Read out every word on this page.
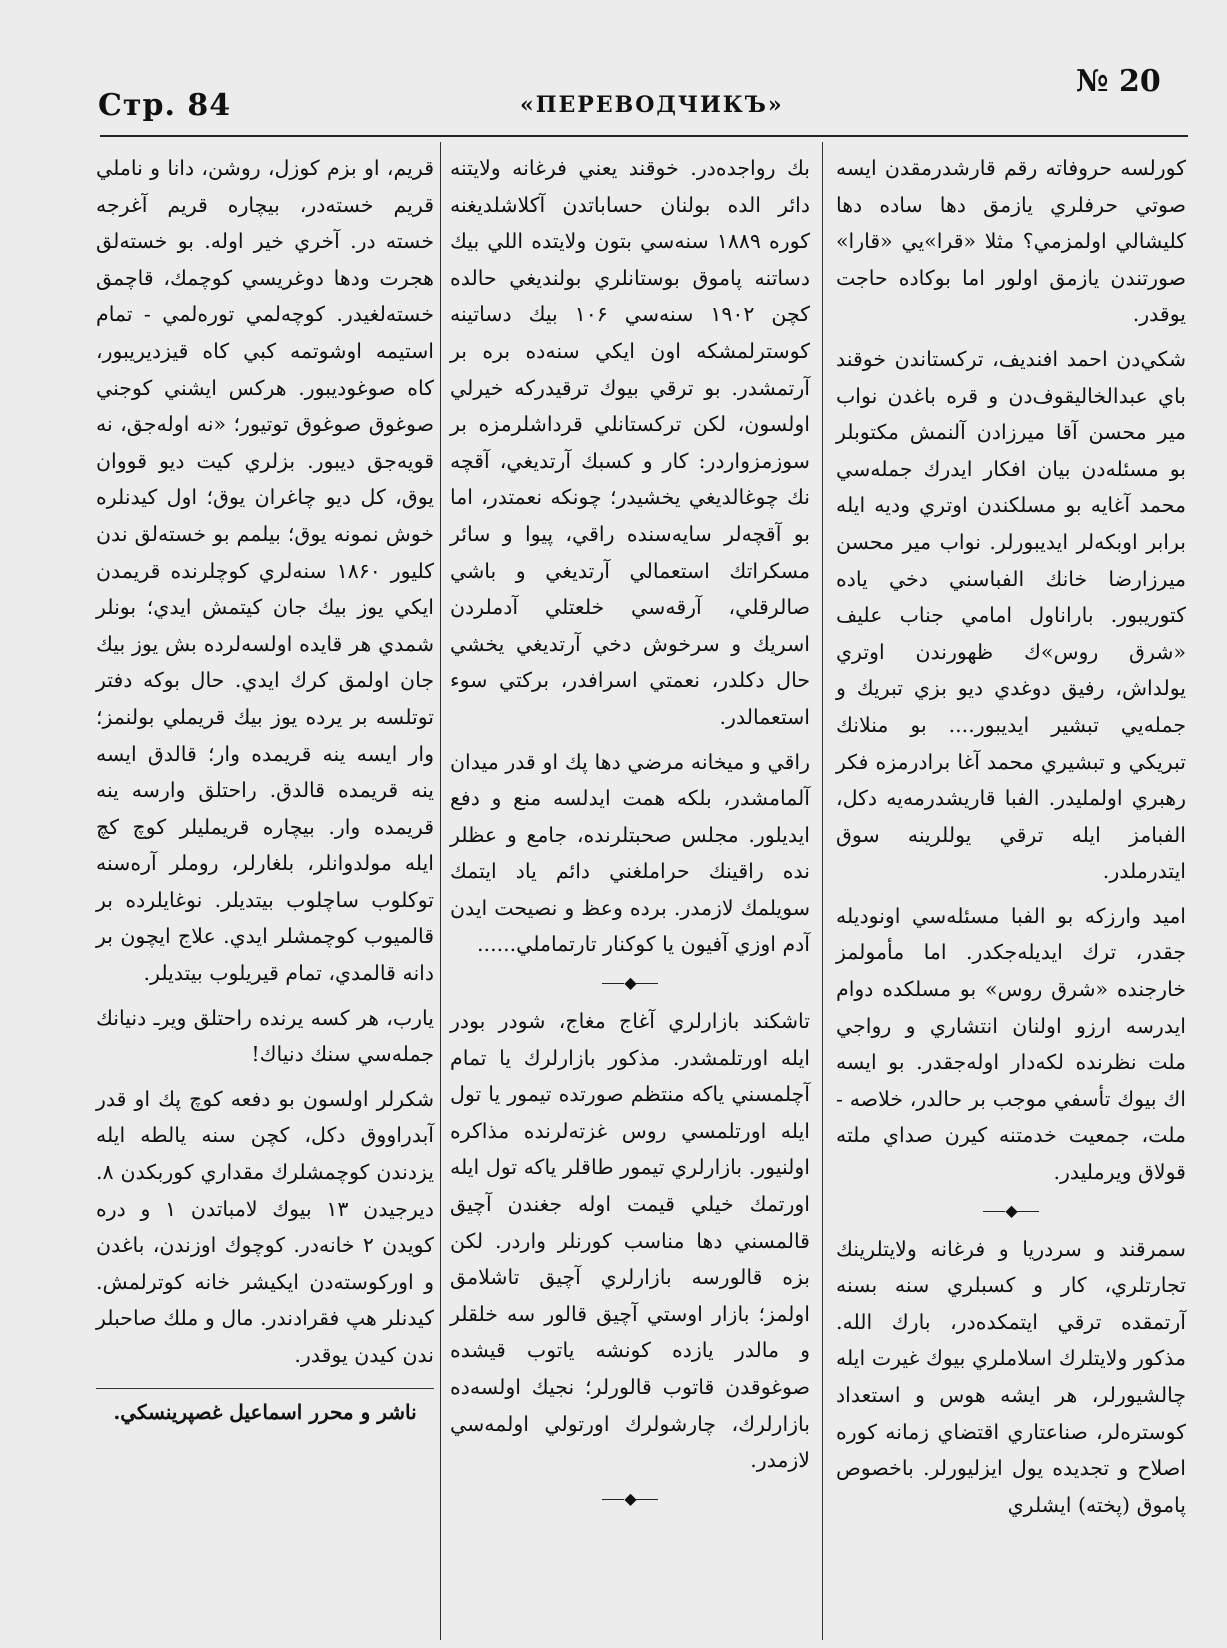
Стр. 84	«ПЕРЕВОДЧИКЪ»
№ 20

كورلسه حروفاته رقم قارشدرمقدن ايسه صوتي حرفلري يازمق دها ساده دها كليشالي اولمزمي؟ مثلا «قرا»يي «قارا» صورتندن يازمق اولور اما بوكاده حاجت يوقدر.

شكي‌دن احمد افنديف، تركستاندن خوقند باي عبدالخاليقوف‌دن و قره باغدن نواب مير محسن آقا ميرزادن آلنمش مكتوبلر بو مسئله‌دن بيان افكار ايدرك جمله‌سي محمد آغايه بو مسلكندن اوتري وديه ايله برابر اوبكه‌لر ايديبورلر. نواب مير محسن ميرزارضا خانك الفباسني دخي ياده كتوريبور. باراناول امامي جناب عليف «شرق روس»ك ظهورندن اوتري يولداش، رفيق دوغدي ديو بزي تبريك و جمله‌يي تبشير ايديبور.... بو منلانك تبريكي و تبشيري محمد آغا برادرمزه فكر رهبري اولمليدر. الفبا قاريشدرمه‌يه دكل، الفبامز ايله ترقي يوللرينه سوق ايتدرملدر.

اميد وارزكه بو الفبا مسئله‌سي اونوديله جقدر، ترك ايديله‌جكدر. اما مأمولمز خارجنده «شرق روس» بو مسلكده دوام ايدرسه ارزو اولنان انتشاري و رواجي ملت نظرنده لكه‌دار اوله‌جقدر. بو ايسه اك بيوك تأسفي موجب بر حالدر، خلاصه - ملت، جمعيت خدمتنه كيرن صداي ملته قولاق ويرمليدر.

◆

سمرقند و سردريا و فرغانه ولايتلرينك تجارتلري، كار و كسبلري سنه بسنه آرتمقده ترقي ايتمكده‌در، بارك الله. مذكور ولايتلرك اسلاملري بيوك غيرت ايله چالشيورلر، هر ايشه هوس و استعداد كوستره‌لر، صناعتاري اقتضاي زمانه كوره اصلاح و تجديده يول ايزليورلر. باخصوص پاموق (پخته) ايشلري

بك رواجده‌در. خوقند يعني فرغانه ولايتنه دائر الده بولنان حساباتدن آكلاشلديغنه كوره ۱۸۸۹ سنه‌سي بتون ولايتده اللي بيك دساتنه پاموق بوستانلري بولنديغي حالده كچن ۱۹۰۲ سنه‌سي ۱۰۶ بيك دساتينه كوسترلمشكه اون ايكي سنه‌ده بره بر آرتمشدر. بو ترقي بيوك ترقيدركه خيرلي اولسون، لكن تركستانلي قرداشلرمزه بر سوزمزواردر: كار و كسبك آرتديغي، آقچه نك چوغالديغي يخشيدر؛ چونكه نعمتدر، اما بو آقچه‌لر سايه‌سنده راقي، پيوا و سائر مسكراتك استعمالي آرتديغي و باشي صالرقلي، آرقه‌سي خلعتلي آدملردن اسريك و سرخوش دخي آرتديغي يخشي حال دكلدر، نعمتي اسرافدر، بركتي سوء استعمالدر.

راقي و ميخانه مرضي دها پك او قدر ميدان آلمامشدر، بلكه همت ايدلسه منع و دفع ايديلور. مجلس صحبتلرنده، جامع و عظلر نده راقينك حراملغني دائم ياد ايتمك سويلمك لازمدر. برده وعظ و نصيحت ايدن آدم اوزي آفيون يا كوكنار تارتماملي......

◆

تاشكند بازارلري آغاج مغاج، شودر بودر ايله اورتلمشدر. مذكور بازارلرك يا تمام آچلمسني ياكه منتظم صورتده تيمور يا تول ايله اورتلمسي روس غزته‌لرنده مذاكره اولنيور. بازارلري تيمور طاقلر ياكه تول ايله اورتمك خيلي قيمت اوله جغندن آچيق قالمسني دها مناسب كورنلر واردر. لكن بزه قالورسه بازارلري آچيق تاشلامق اولمز؛ بازار اوستي آچيق قالور سه خلقلر و مالدر يازده كونشه ياتوب قيشده صوغوقدن قاتوب قالورلر؛ نجيك اولسه‌ده بازارلرك، چارشولرك اورتولي اولمه‌سي لازمدر.

◆

قريم، او بزم كوزل، روشن، دانا و ناملي قريم خسته‌در، بيچاره قريم آغرجه خسته در. آخري خير اوله. بو خسته‌لق هجرت ودها دوغريسي كوچمك، قاچمق خسته‌لغيدر. كوچه‌لمي تورەلمي - تمام استيمه اوشوتمه كبي كاه قيزديريبور، كاه صوغوديبور. هركس ايشني كوجني صوغوق صوغوق توتيور؛ «نه اوله‌جق، نه قويه‌جق ديبور. بزلري كيت ديو قووان يوق، كل ديو چاغران يوق؛ اول كيدنلره خوش نمونه يوق؛ بيلمم بو خسته‌لق ندن كليور ۱۸۶۰ سنه‌لري كوچلرنده قريمدن ايكي يوز بيك جان كيتمش ايدي؛ بونلر شمدي هر قايده اولسه‌لرده بش يوز بيك جان اولمق كرك ايدي. حال بوكه دفتر توتلسه بر يرده يوز بيك قريملي بولنمز؛ وار ايسه ينه قريمده وار؛ قالدق ايسه ينه قريمده قالدق. راحتلق وارسه ينه قريمده وار. بيچاره قريمليلر كوچ كچ ايله مولدوانلر، بلغارلر، روملر آره‌سنه توكلوب ساچلوب بيتديلر. نوغايلرده بر قالميوب كوچمشلر ايدي. علاج ايچون بر دانه قالمدي، تمام قيريلوب بيتديلر.

يارب، هر كسه يرنده راحتلق ويرـ دنيانك جمله‌سي سنك دنياك!

شكرلر اولسون بو دفعه كوچ پك او قدر آبدراووق دكل، كچن سنه يالطه ايله يزدندن كوچمشلرك مقداري كوربكدن ۸. ديرجيدن ۱۳ بيوك لامباتدن ۱ و دره كويدن ۲ خانه‌در. كوچوك اوزندن، باغدن و اوركوسته‌دن ايكيشر خانه كوترلمش. كيدنلر هپ فقرادندر. مال و ملك صاحبلر ندن كيدن يوقدر.

ناشر و محرر اسماعيل غصپرينسكي.
